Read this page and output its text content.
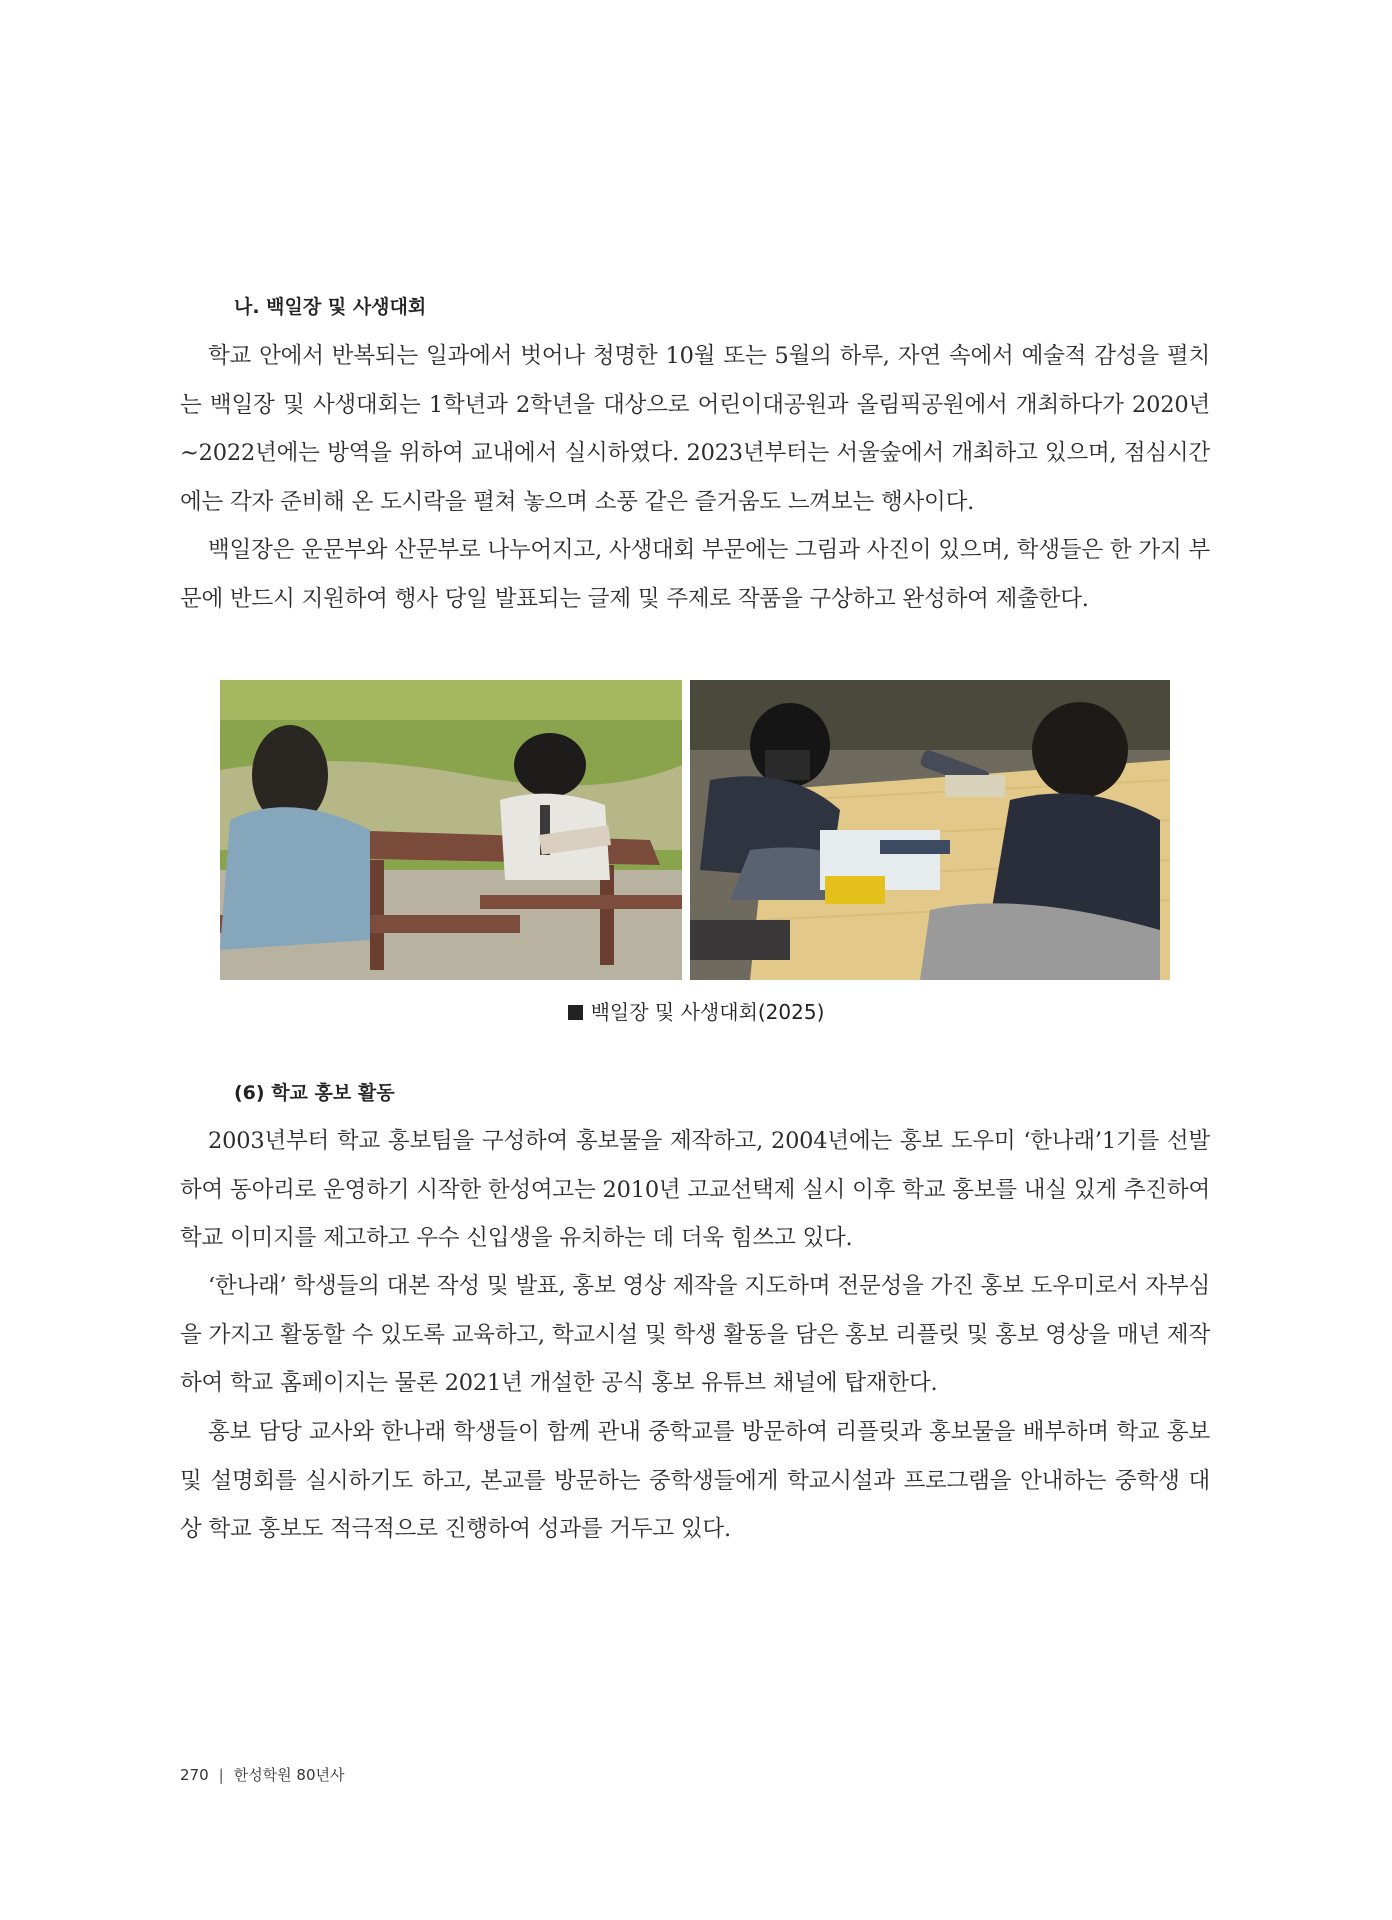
나. 백일장 및 사생대회

학교 안에서 반복되는 일과에서 벗어나 청명한 10월 또는 5월의 하루, 자연 속에서 예술적 감성을 펼치는 백일장 및 사생대회는 1학년과 2학년을 대상으로 어린이대공원과 올림픽공원에서 개최하다가 2020년~2022년에는 방역을 위하여 교내에서 실시하였다. 2023년부터는 서울숲에서 개최하고 있으며, 점심시간에는 각자 준비해 온 도시락을 펼쳐 놓으며 소풍 같은 즐거움도 느껴보는 행사이다.

백일장은 운문부와 산문부로 나누어지고, 사생대회 부문에는 그림과 사진이 있으며, 학생들은 한 가지 부문에 반드시 지원하여 행사 당일 발표되는 글제 및 주제로 작품을 구상하고 완성하여 제출한다.

백일장 및 사생대회(2025)
(6) 학교 홍보 활동

2003년부터 학교 홍보팀을 구성하여 홍보물을 제작하고, 2004년에는 홍보 도우미 ‘한나래’1기를 선발하여 동아리로 운영하기 시작한 한성여고는 2010년 고교선택제 실시 이후 학교 홍보를 내실 있게 추진하여 학교 이미지를 제고하고 우수 신입생을 유치하는 데 더욱 힘쓰고 있다.

‘한나래’ 학생들의 대본 작성 및 발표, 홍보 영상 제작을 지도하며 전문성을 가진 홍보 도우미로서 자부심을 가지고 활동할 수 있도록 교육하고, 학교시설 및 학생 활동을 담은 홍보 리플릿 및 홍보 영상을 매년 제작하여 학교 홈페이지는 물론 2021년 개설한 공식 홍보 유튜브 채널에 탑재한다.

홍보 담당 교사와 한나래 학생들이 함께 관내 중학교를 방문하여 리플릿과 홍보물을 배부하며 학교 홍보 및 설명회를 실시하기도 하고, 본교를 방문하는 중학생들에게 학교시설과 프로그램을 안내하는 중학생 대상 학교 홍보도 적극적으로 진행하여 성과를 거두고 있다.

270 | 한성학원 80년사
